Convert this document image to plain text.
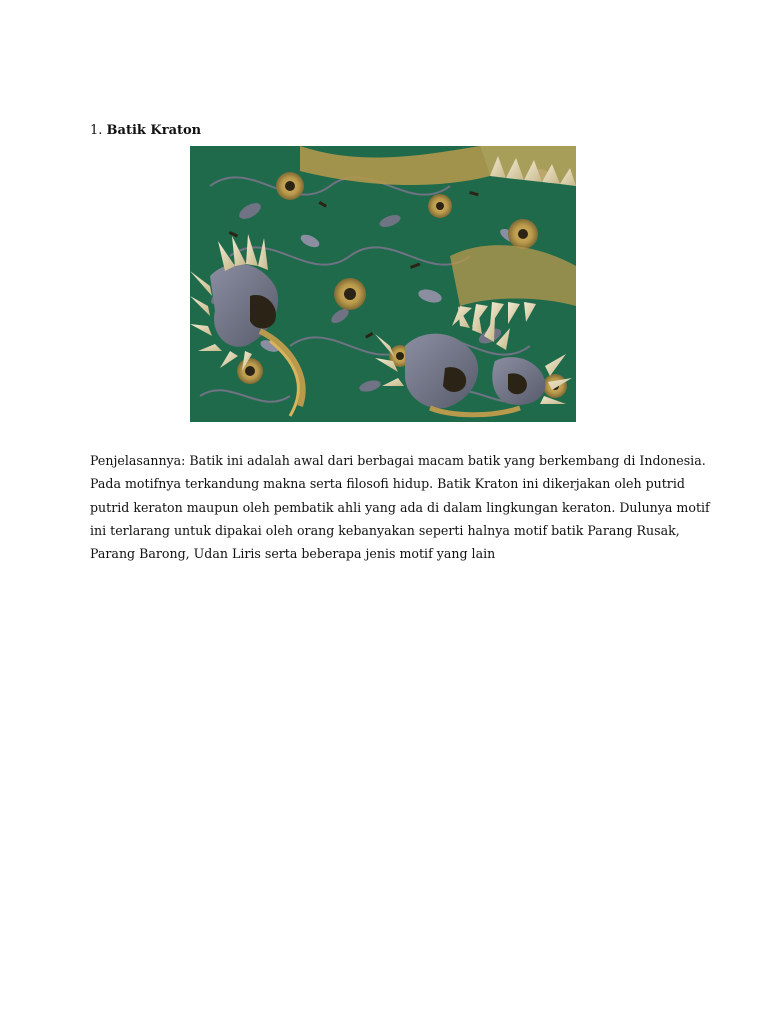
1. Batik Kraton
Penjelasannya: Batik ini adalah awal dari berbagai macam batik yang berkembang di Indonesia.
Pada motifnya terkandung makna serta filosofi hidup. Batik Kraton ini dikerjakan oleh putrid
putrid keraton maupun oleh pembatik ahli yang ada di dalam lingkungan keraton. Dulunya motif
ini terlarang untuk dipakai oleh orang kebanyakan seperti halnya motif batik Parang Rusak,
Parang Barong, Udan Liris serta beberapa jenis motif yang lain
